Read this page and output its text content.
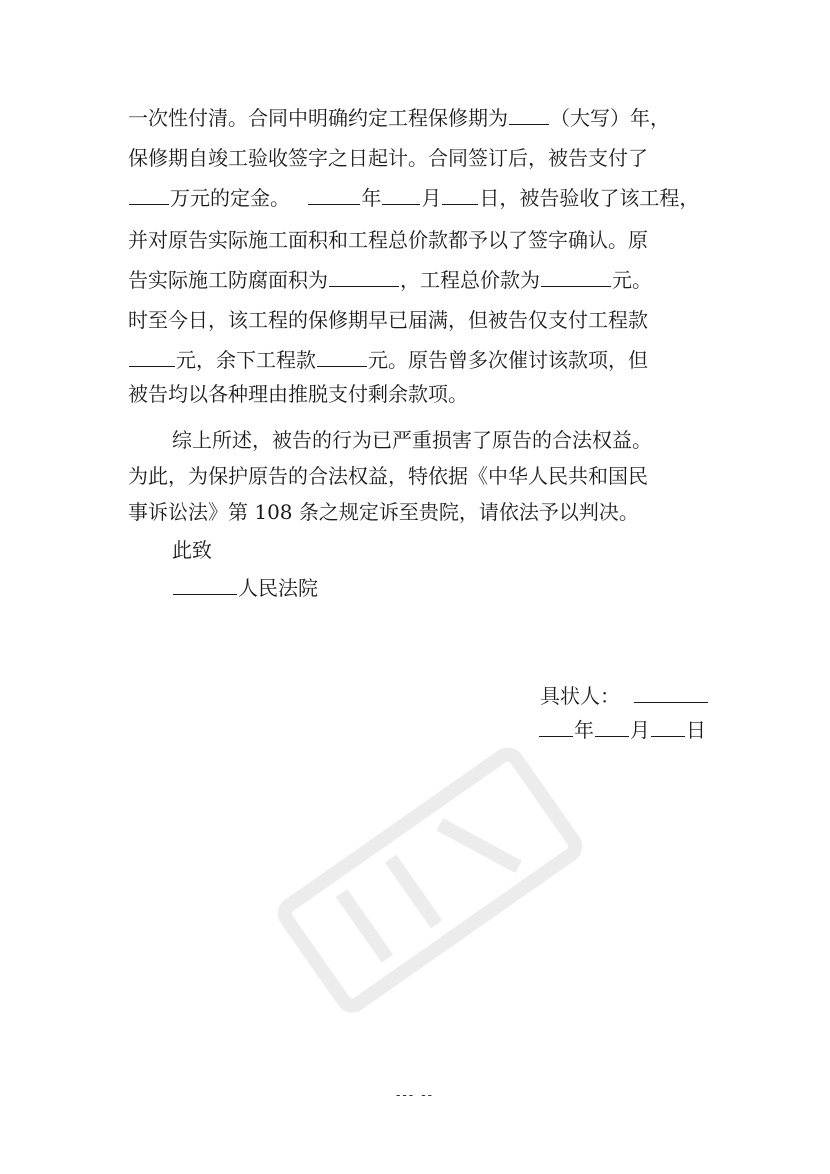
一次性付清。合同中明确约定工程保修期为 （大写）年，
保修期自竣工验收签字之日起计。合同签订后，被告支付了
万元的定金。	年 月 日，被告验收了该工程，
并对原告实际施工面积和工程总价款都予以了签字确认。原
告实际施工防腐面积为	，工程总价款为	元。
时至今日，该工程的保修期早已届满，但被告仅支付工程款
元，余下工程款	元。原告曾多次催讨该款项，但
被告均以各种理由推脱支付剩余款项。
综上所述，被告的行为已严重损害了原告的合法权益。
为此，为保护原告的合法权益，特依据《中华人民共和国民
事诉讼法》第 108 条之规定诉至贵院，请依法予以判决。
此致
人民法院
具状人：
年 月 日
--- --
